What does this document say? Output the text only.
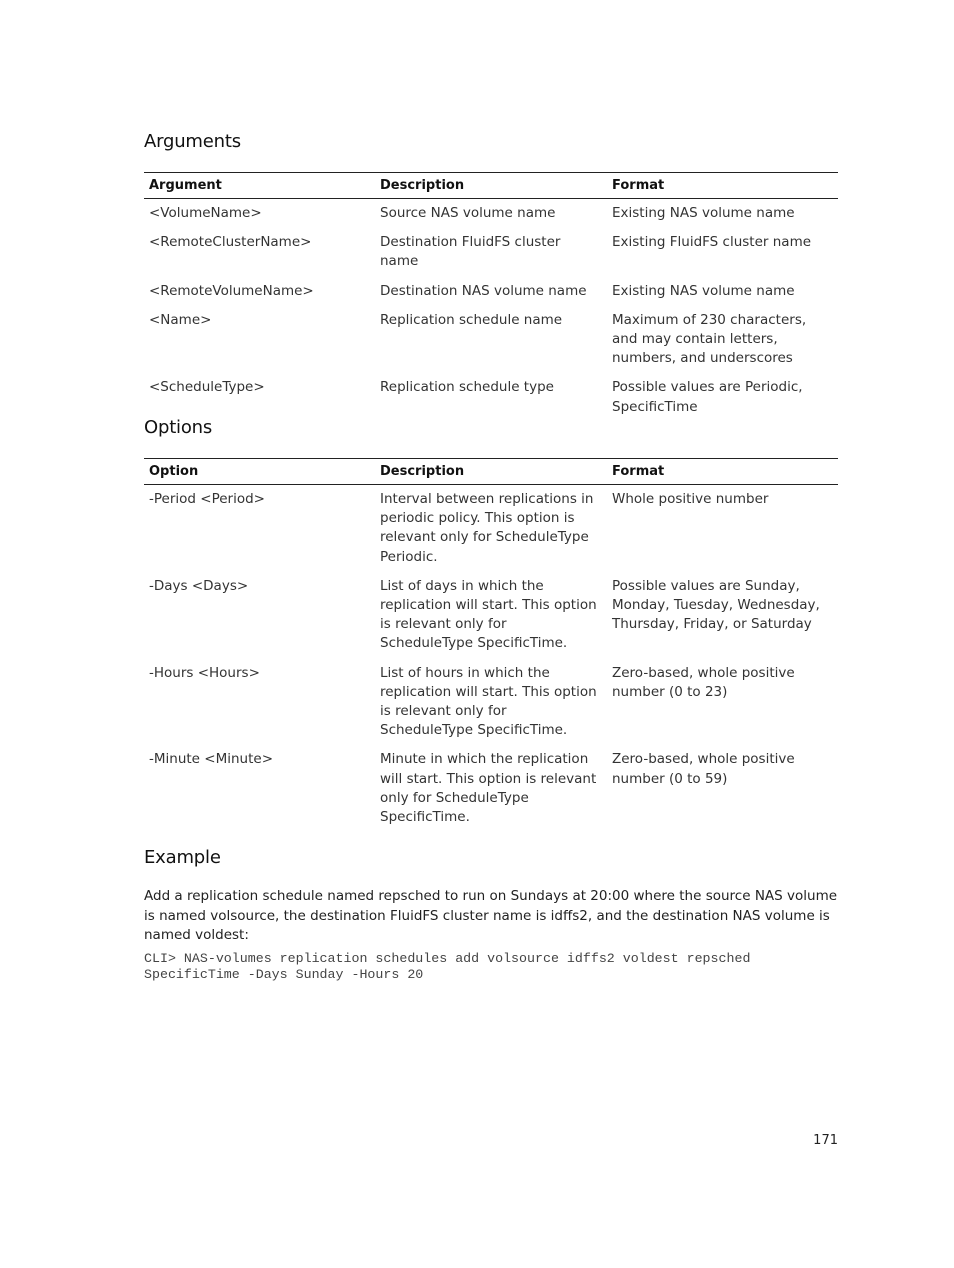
Arguments
Argument	Description	Format
<VolumeName>	Source NAS volume name	Existing NAS volume name
<RemoteClusterName>	Destination FluidFS cluster name	Existing FluidFS cluster name
<RemoteVolumeName>	Destination NAS volume name	Existing NAS volume name
<Name>	Replication schedule name	Maximum of 230 characters, and may contain letters, numbers, and underscores
<ScheduleType>	Replication schedule type	Possible values are Periodic, SpecificTime
Options
Option	Description	Format
-Period <Period>	Interval between replications in periodic policy. This option is relevant only for ScheduleType Periodic.	Whole positive number
-Days <Days>	List of days in which the replication will start. This option is relevant only for ScheduleType SpecificTime.	Possible values are Sunday, Monday, Tuesday, Wednesday, Thursday, Friday, or Saturday
-Hours <Hours>	List of hours in which the replication will start. This option is relevant only for ScheduleType SpecificTime.	Zero-based, whole positive number (0 to 23)
-Minute <Minute>	Minute in which the replication will start. This option is relevant only for ScheduleType SpecificTime.	Zero-based, whole positive number (0 to 59)
Example
Add a replication schedule named repsched to run on Sundays at 20:00 where the source NAS volume is named volsource, the destination FluidFS cluster name is idffs2, and the destination NAS volume is named voldest:
CLI> NAS-volumes replication schedules add volsource idffs2 voldest repsched
SpecificTime -Days Sunday -Hours 20
171
